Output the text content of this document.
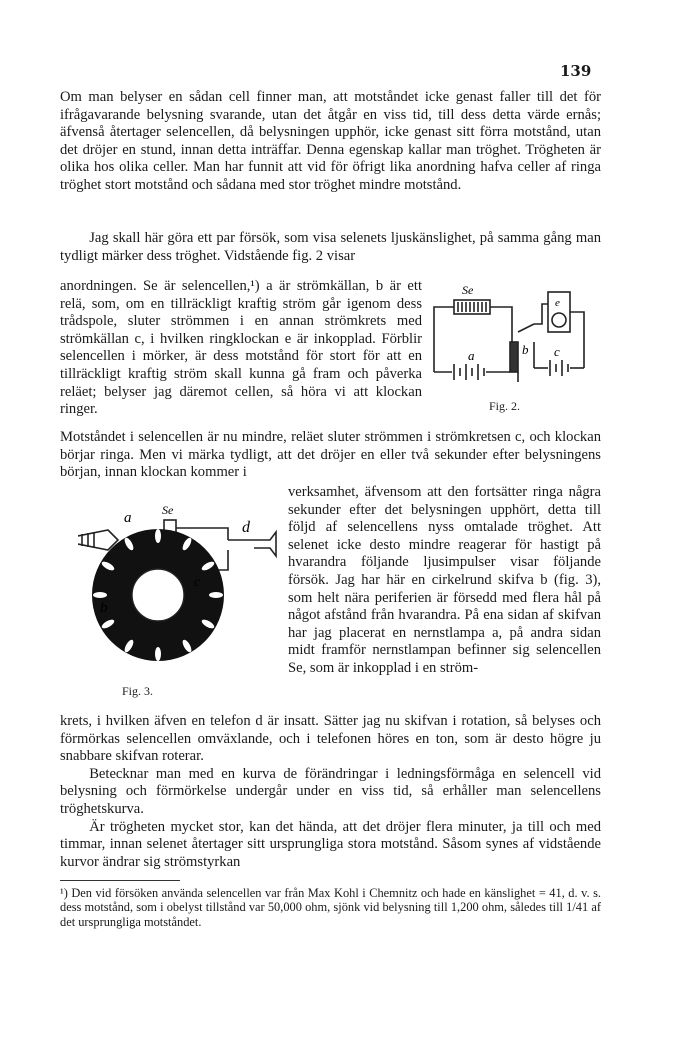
139

Om man belyser en sådan cell finner man, att motståndet icke genast faller till det för ifrågavarande belysning svarande, utan det åtgår en viss tid, till dess detta värde ernås; äfvenså återtager selencellen, då belysningen upphör, icke genast sitt förra motstånd, utan det dröjer en stund, innan detta inträffar. Denna egenskap kallar man tröghet. Trögheten är olika hos olika celler. Man har funnit att vid för öfrigt lika anordning hafva celler af ringa tröghet stort motstånd och sådana med stor tröghet mindre motstånd.

Jag skall här göra ett par försök, som visa selenets ljuskänslighet, på samma gång man tydligt märker dess tröghet. Vidstående fig. 2 visar
anordningen. Se är selencellen,¹) a är strömkällan, b är ett relä, som, om en tillräckligt kraftig ström går igenom dess trådspole, sluter strömmen i en annan strömkrets med strömkällan c, i hvilken ringklockan e är inkopplad. Förblir selencellen i mörker, är dess motstånd för stort för att en tillräckligt kraftig ström skall kunna gå fram och påverka reläet; belyser jag däremot cellen, så höra vi att klockan ringer.
Se
a	b c
e
Fig. 2.
Motståndet i selencellen är nu mindre, reläet sluter strömmen i strömkretsen c, och klockan börjar ringa. Men vi märka tydligt, att det dröjer en eller två sekunder efter belysningens början, innan klockan kommer i
a	Se
b
c
d
Fig. 3.
verksamhet, äfvensom att den fortsätter ringa några sekunder efter det belysningen upphört, detta till följd af selencellens nyss omtalade tröghet. Att selenet icke desto mindre reagerar för hastigt på hvarandra följande ljusimpulser visar följande försök. Jag har här en cirkelrund skifva b (fig. 3), som helt nära periferien är försedd med flera hål på något afstånd från hvarandra. På ena sidan af skifvan har jag placerat en nernstlampa a, på andra sidan midt framför nernstlampan befinner sig selencellen Se, som är inkopplad i en ström-
krets, i hvilken äfven en telefon d är insatt. Sätter jag nu skifvan i rotation, så belyses och förmörkas selencellen omväxlande, och i telefonen höres en ton, som är desto högre ju snabbare skifvan roterar.
Betecknar man med en kurva de förändringar i ledningsförmåga en selencell vid belysning och förmörkelse undergår under en viss tid, så erhåller man selencellens tröghetskurva.
Är trögheten mycket stor, kan det hända, att det dröjer flera minuter, ja till och med timmar, innan selenet återtager sitt ursprungliga stora motstånd. Såsom synes af vidstående kurvor ändrar sig strömstyrkan
¹) Den vid försöken använda selencellen var från Max Kohl i Chemnitz och hade en känslighet = 41, d. v. s. dess motstånd, som i obelyst tillstånd var 50,000 ohm, sjönk vid belysning till 1,200 ohm, således till 1/41 af det ursprungliga motståndet.
